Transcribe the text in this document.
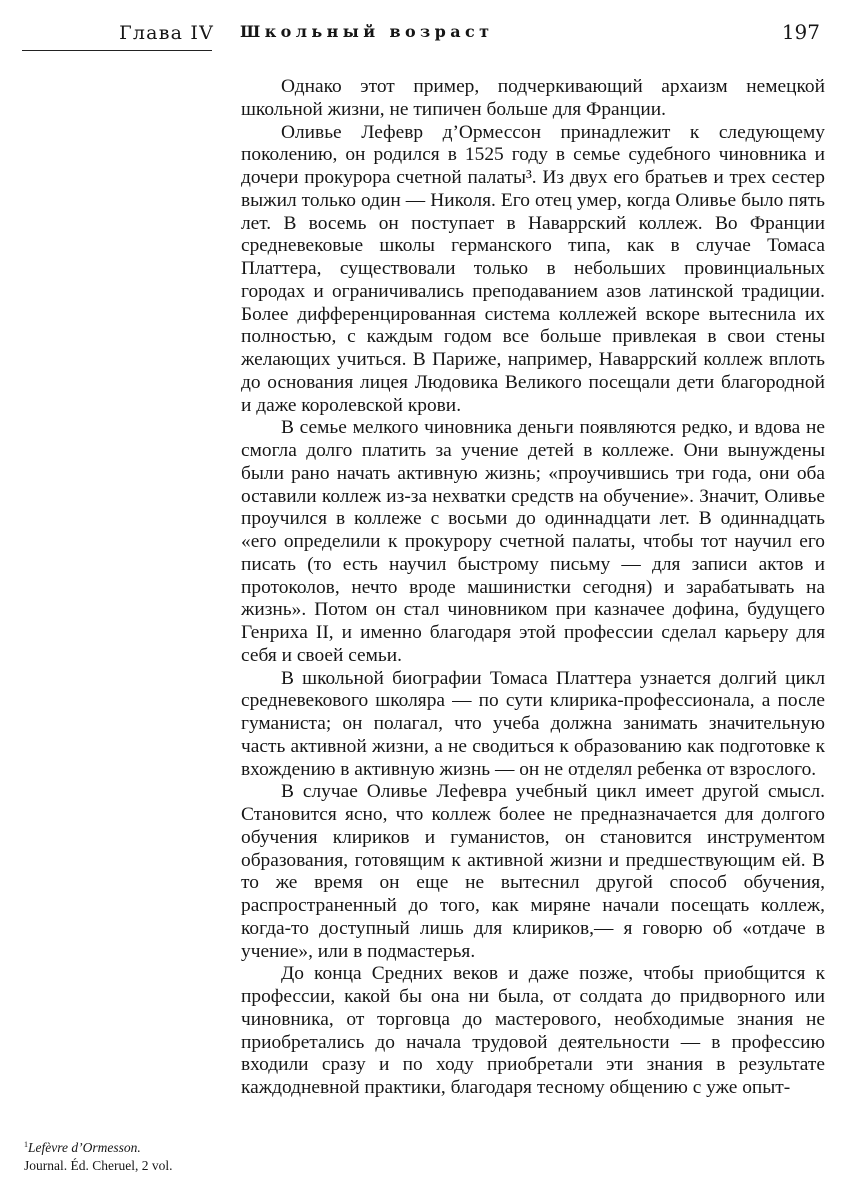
Глава IV Школьный возраст	197

Однако этот пример, подчеркивающий архаизм немецкой школьной жизни, не типичен больше для Франции.

Оливье Лефевр д’Ормессон принадлежит к следующему поколению, он родился в 1525 году в семье судебного чиновника и дочери прокурора счетной палаты³. Из двух его братьев и трех сестер выжил только один — Николя. Его отец умер, когда Оливье было пять лет. В восемь он поступает в Наваррский коллеж. Во Франции средневековые школы германского типа, как в случае Томаса Платтера, существовали только в небольших провинциальных городах и ограничивались преподаванием азов латинской традиции. Более дифференцированная система коллежей вскоре вытеснила их полностью, с каждым годом все больше привлекая в свои стены желающих учиться. В Париже, например, Наваррский коллеж вплоть до основания лицея Людовика Великого посещали дети благородной и даже королевской крови.

В семье мелкого чиновника деньги появляются редко, и вдова не смогла долго платить за учение детей в коллеже. Они вынуждены были рано начать активную жизнь; «проучившись три года, они оба оставили коллеж из-за нехватки средств на обучение». Значит, Оливье проучился в коллеже с восьми до одиннадцати лет. В одиннадцать «его определили к прокурору счетной палаты, чтобы тот научил его писать (то есть научил быстрому письму — для записи актов и протоколов, нечто вроде машинистки сегодня) и зарабатывать на жизнь». Потом он стал чиновником при казначее дофина, будущего Генриха II, и именно благодаря этой профессии сделал карьеру для себя и своей семьи.

В школьной биографии Томаса Платтера узнается долгий цикл средневекового школяра — по сути клирика-профессионала, а после гуманиста; он полагал, что учеба должна занимать значительную часть активной жизни, а не сводиться к образованию как подготовке к вхождению в активную жизнь — он не отделял ребенка от взрослого.

В случае Оливье Лефевра учебный цикл имеет другой смысл. Становится ясно, что коллеж более не предназначается для долгого обучения клириков и гуманистов, он становится инструментом образования, готовящим к активной жизни и предшествующим ей. В то же время он еще не вытеснил другой способ обучения, распространенный до того, как миряне начали посещать коллеж, когда-то доступный лишь для клириков,— я говорю об «отдаче в учение», или в подмастерья.

До конца Средних веков и даже позже, чтобы приобщится к профессии, какой бы она ни была, от солдата до придворного или чиновника, от торговца до мастерового, необходимые знания не приобретались до начала трудовой деятельности — в профессию входили сразу и по ходу приобретали эти знания в результате каждодневной практики, благодаря тесному общению с уже опыт-

$^1$Lefèvre d’Ormesson.
Journal. Éd. Cheruel, 2 vol.
